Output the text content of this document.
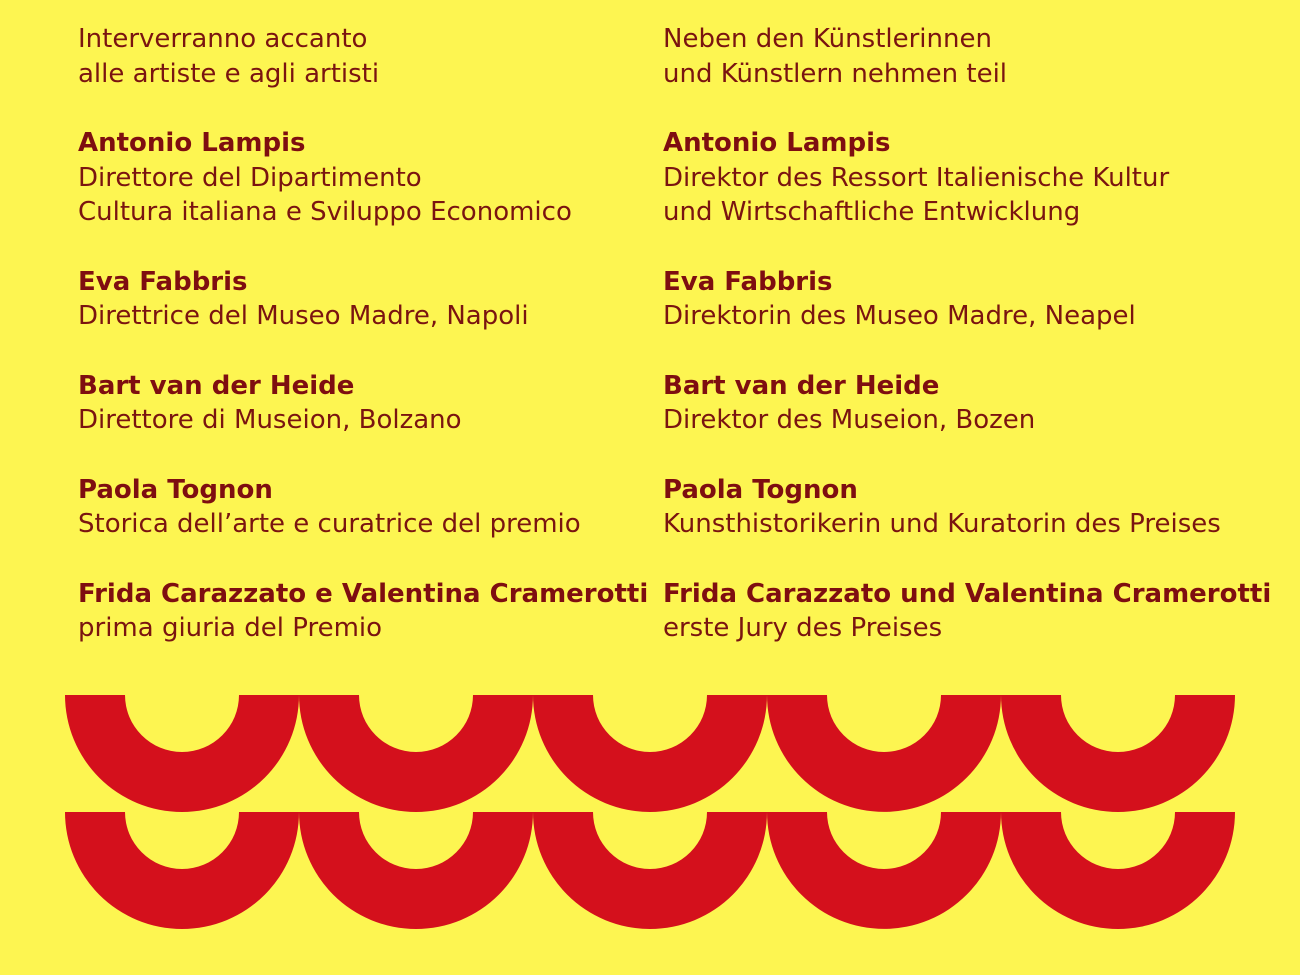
Interverranno accanto
alle artiste e agli artisti
Antonio Lampis
Direttore del Dipartimento
Cultura italiana e Sviluppo Economico
Eva Fabbris
Direttrice del Museo Madre, Napoli
Bart van der Heide
Direttore di Museion, Bolzano
Paola Tognon
Storica dell’arte e curatrice del premio
Frida Carazzato e Valentina Cramerotti
prima giuria del Premio
Neben den Künstlerinnen
und Künstlern nehmen teil
Antonio Lampis
Direktor des Ressort Italienische Kultur
und Wirtschaftliche Entwicklung
Eva Fabbris
Direktorin des Museo Madre, Neapel
Bart van der Heide
Direktor des Museion, Bozen
Paola Tognon
Kunsthistorikerin und Kuratorin des Preises
Frida Carazzato und Valentina Cramerotti
erste Jury des Preises
